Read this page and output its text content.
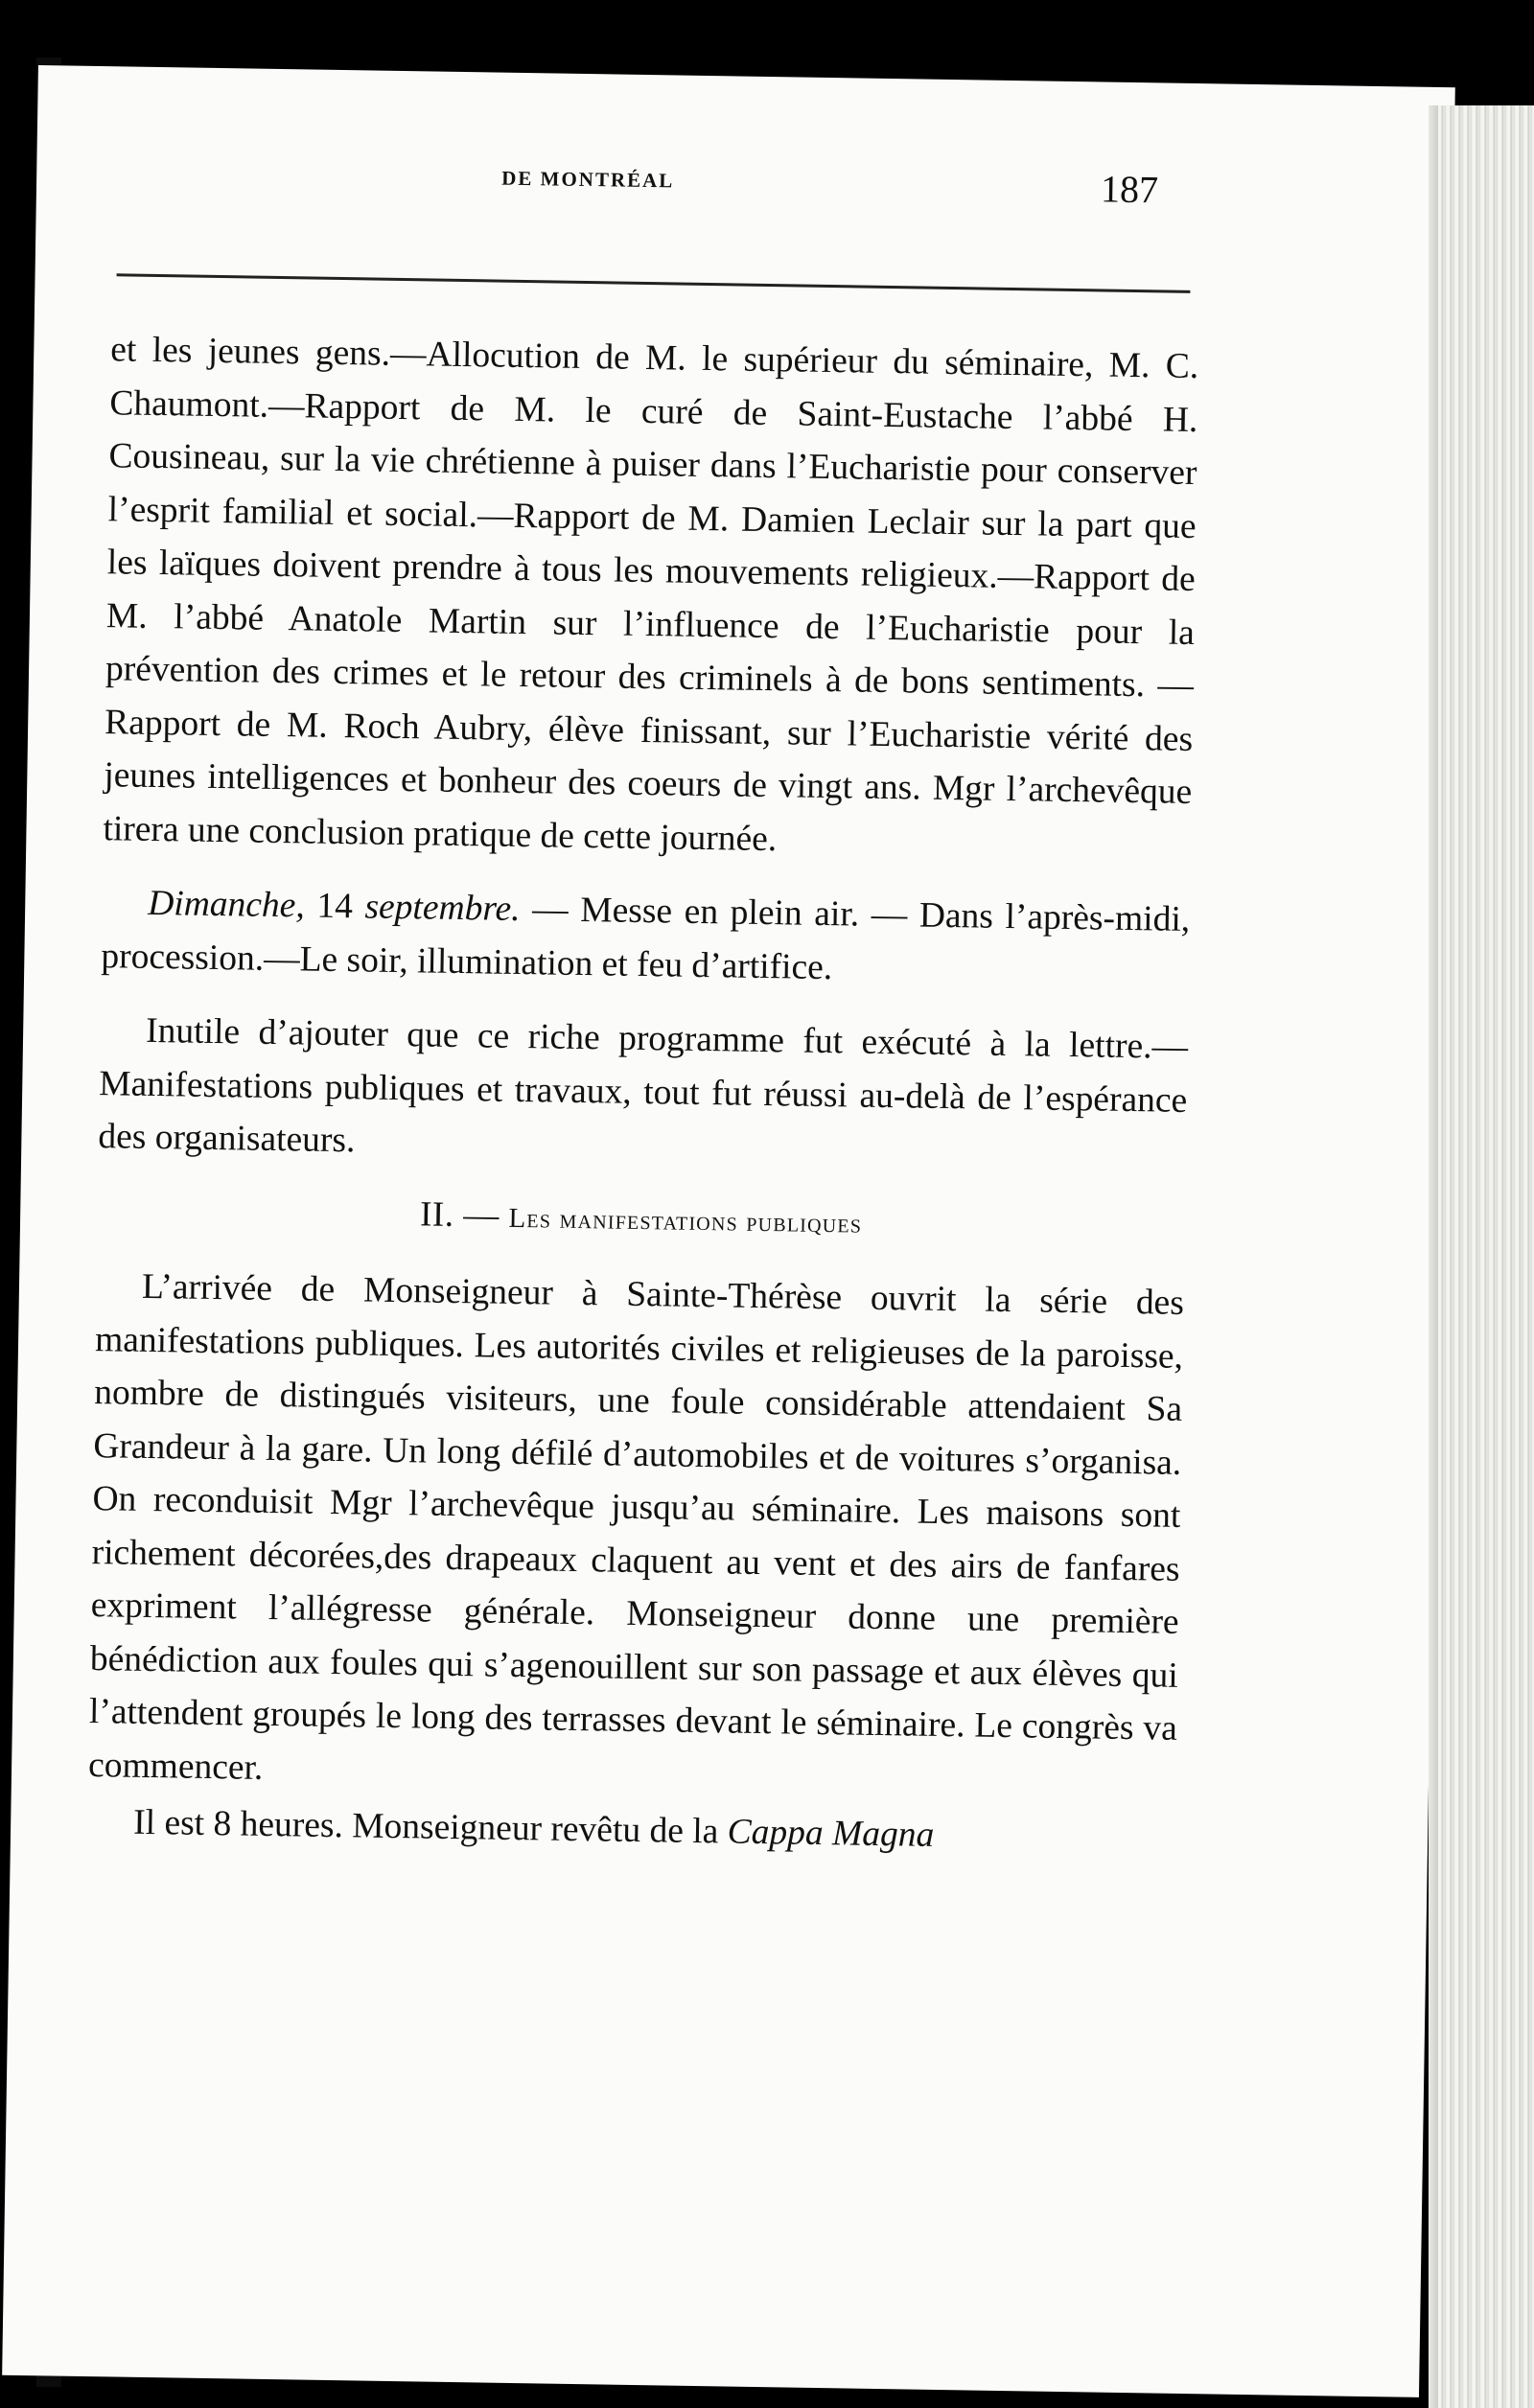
DE MONTRÉAL	187

et les jeunes gens.—Allocution de M. le supérieur du séminaire, M. C. Chaumont.—Rapport de M. le curé de Saint-Eustache l’abbé H. Cousineau, sur la vie chrétienne à puiser dans l’Eucharistie pour conserver l’esprit familial et social.—Rapport de M. Damien Leclair sur la part que les laïques doivent prendre à tous les mouvements religieux.—Rapport de M. l’abbé Anatole Martin sur l’influence de l’Eucharistie pour la prévention des crimes et le retour des criminels à de bons sentiments. —Rapport de M. Roch Aubry, élève finissant, sur l’Eucharistie vérité des jeunes intelligences et bonheur des coeurs de vingt ans. Mgr l’archevêque tirera une conclusion pratique de cette journée.

Dimanche, 14 septembre. — Messe en plein air. — Dans l’après-midi, procession.—Le soir, illumination et feu d’artifice.

Inutile d’ajouter que ce riche programme fut exécuté à la lettre.—Manifestations publiques et travaux, tout fut réussi au-delà de l’espérance des organisateurs.

II. — Les manifestations publiques

L’arrivée de Monseigneur à Sainte-Thérèse ouvrit la série des manifestations publiques. Les autorités civiles et religieuses de la paroisse, nombre de distingués visiteurs, une foule considérable attendaient Sa Grandeur à la gare. Un long défilé d’automobiles et de voitures s’organisa. On reconduisit Mgr l’archevêque jusqu’au séminaire. Les maisons sont richement décorées,des drapeaux claquent au vent et des airs de fanfares expriment l’allégresse générale. Monseigneur donne une première bénédiction aux foules qui s’agenouillent sur son passage et aux élèves qui l’attendent groupés le long des terrasses devant le séminaire. Le congrès va commencer.

Il est 8 heures. Monseigneur revêtu de la Cappa Magna
